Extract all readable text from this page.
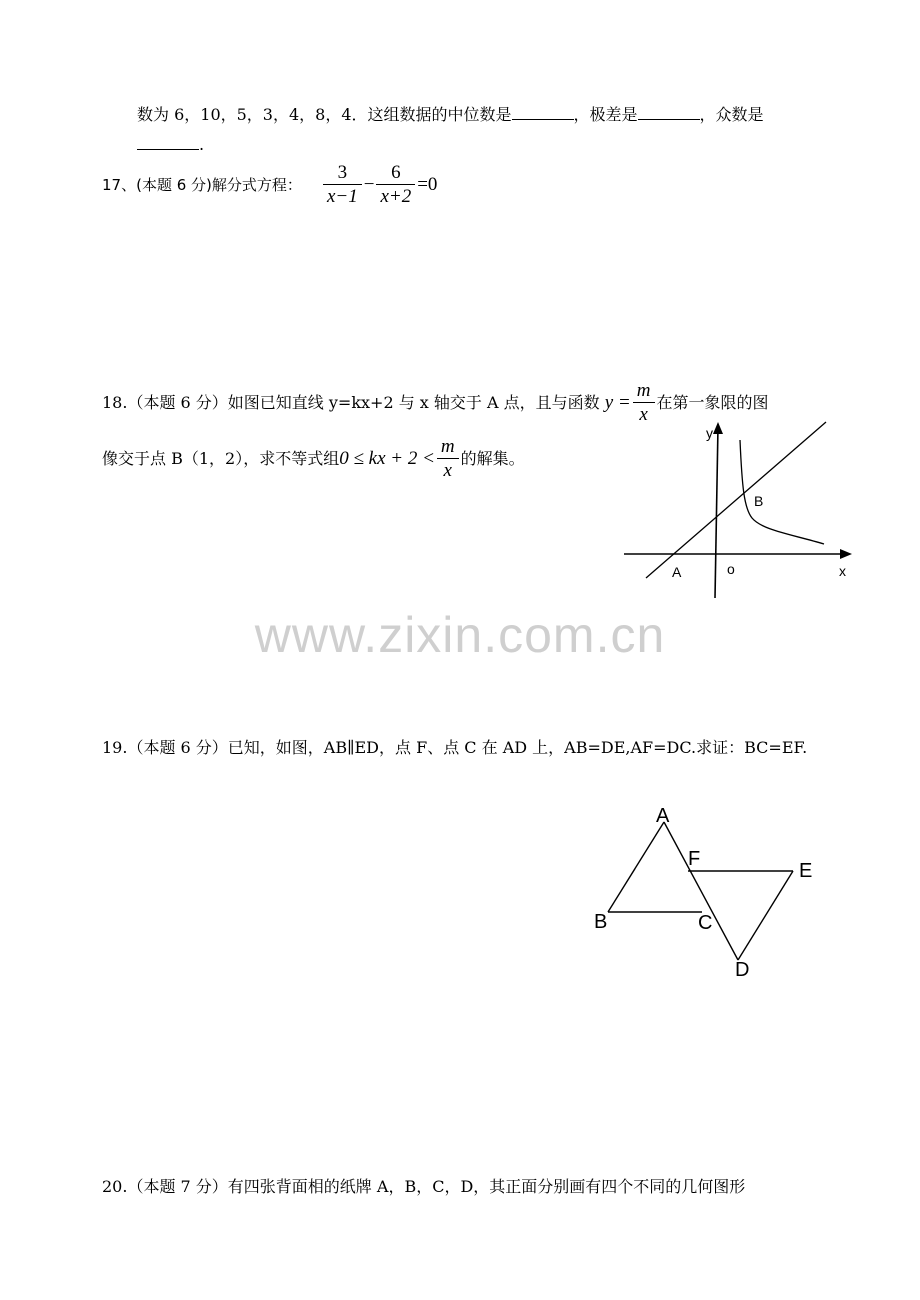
数为 6，10，5，3，4，8，4．这组数据的中位数是	，极差是	，众数是
.
17、(本题 6 分)解分式方程： $\frac{3}{x-1} - \frac{6}{x+2} =0$
18.（本题 6 分）如图已知直线 y=kx+2 与 x 轴交于 A 点，且与函数 $y = \frac{m}{x}$ 在第一象限的图
像交于点 B（1，2），求不等式组0 ≤ kx + $2 < \frac{m}{x}$ 的解集。
y
B
A	o	x
www.zixin.com.cn
19.（本题 6 分）已知，如图，AB∥ED，点 F、点 C 在 AD 上，AB=DE,AF=DC.求证：BC=EF.
A
F
E
B	C
D
20.（本题 7 分）有四张背面相的纸牌 A，B，C，D，其正面分别画有四个不同的几何图形
